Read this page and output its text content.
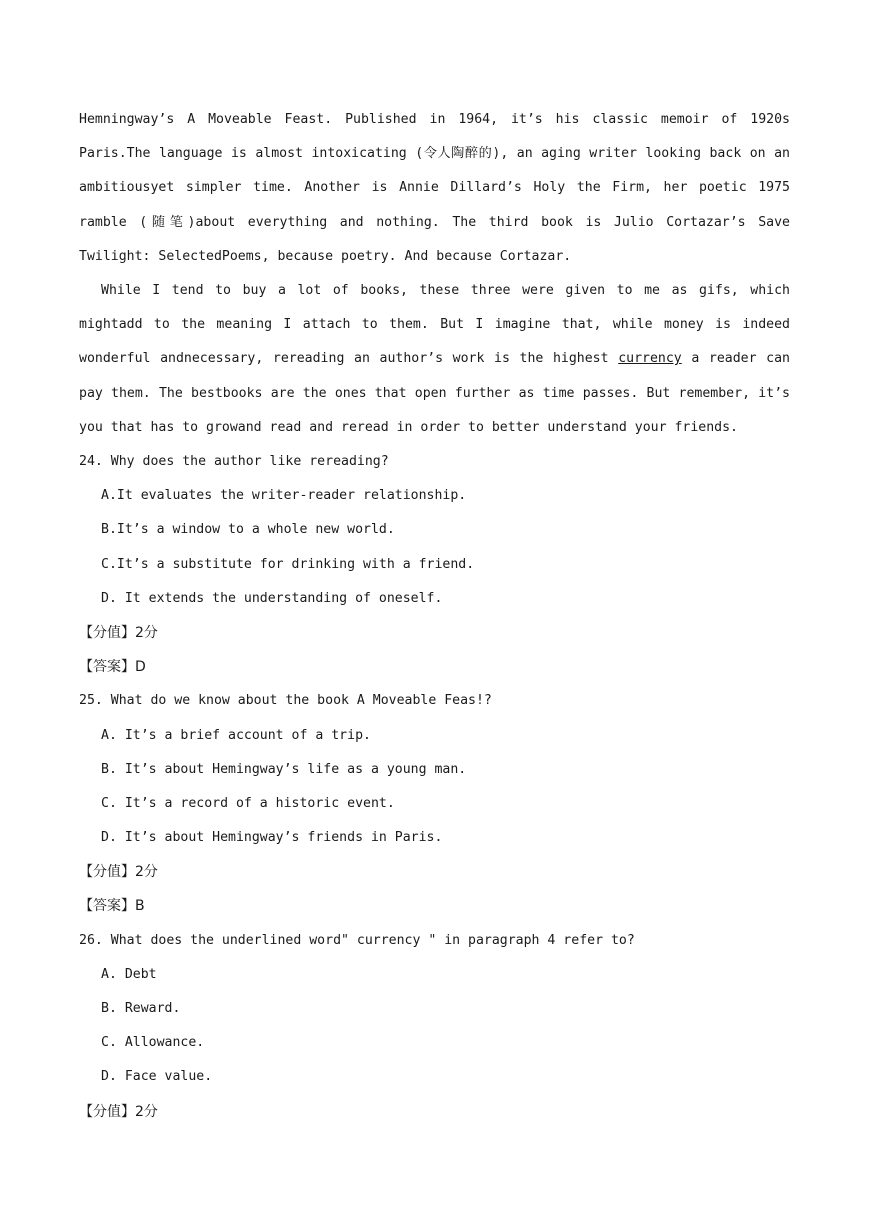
Hemningway’s A Moveable Feast. Published in 1964, it’s his classic memoir of 1920s Paris.The language is almost intoxicating (令人陶醉的), an aging writer looking back on an ambitiousyet simpler time. Another is Annie Dillard’s Holy the Firm, her poetic 1975 ramble (随笔)about everything and nothing. The third book is Julio Cortazar’s Save Twilight: SelectedPoems, because poetry. And because Cortazar.

While I tend to buy a lot of books, these three were given to me as gifs, which mightadd to the meaning I attach to them. But I imagine that, while money is indeed wonderful andnecessary, rereading an author’s work is the highest currency a reader can pay them. The bestbooks are the ones that open further as time passes. But remember, it’s you that has to growand read and reread in order to better understand your friends.

24. Why does the author like rereading?

A.It evaluates the writer-reader relationship.

B.It’s a window to a whole new world.

C.It’s a substitute for drinking with a friend.

D. It extends the understanding of oneself.

【分值】2分

【答案】D

25. What do we know about the book A Moveable Feas!?

A. It’s a brief account of a trip.

B. It’s about Hemingway’s life as a young man.

C. It’s a record of a historic event.

D. It’s about Hemingway’s friends in Paris.

【分值】2分

【答案】B

26. What does the underlined word" currency " in paragraph 4 refer to?

A. Debt

B. Reward.

C. Allowance.

D. Face value.

【分值】2分
